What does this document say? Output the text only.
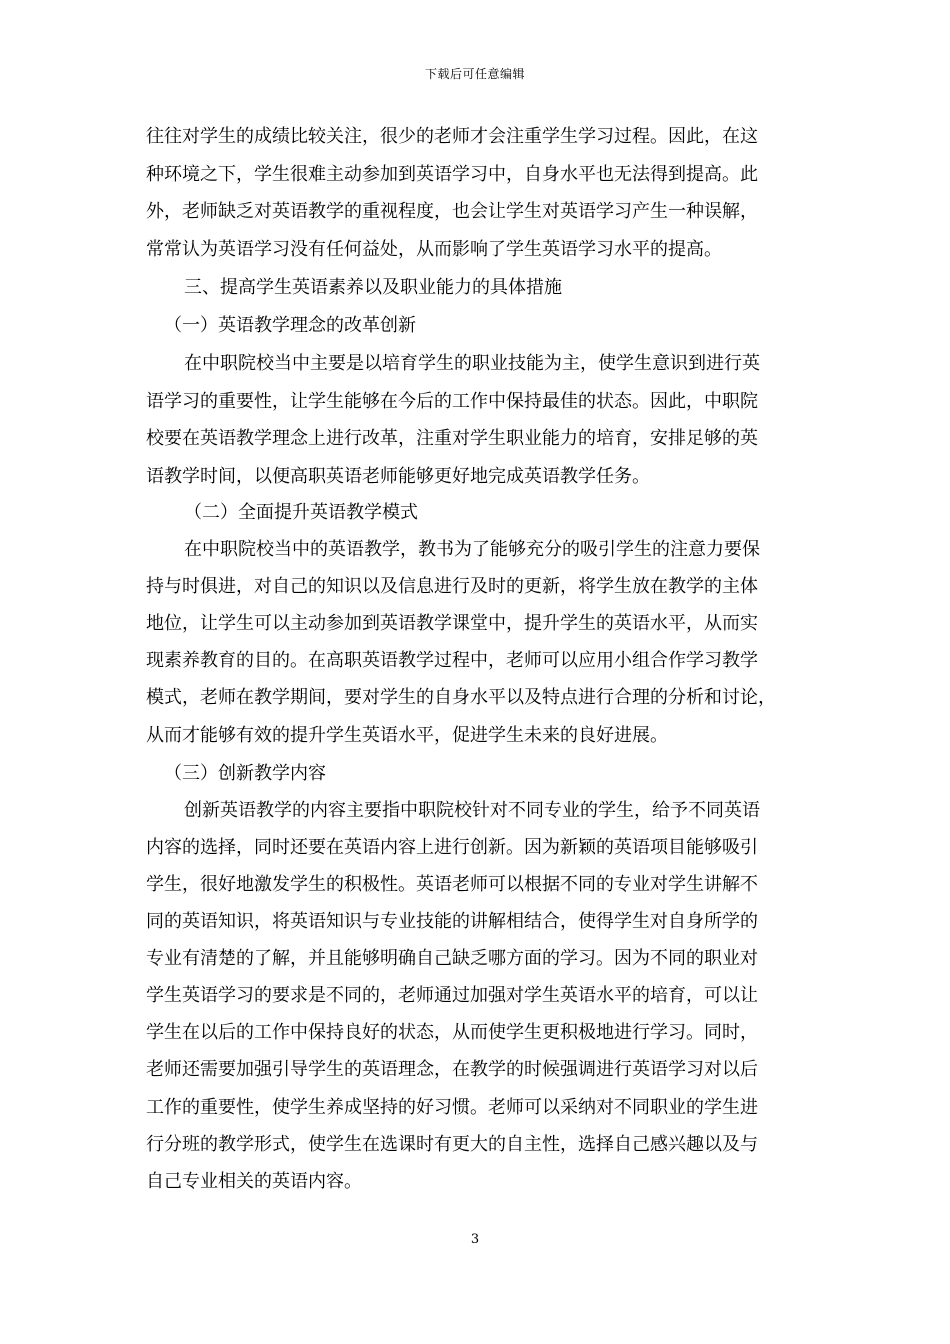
下载后可任意编辑
往往对学生的成绩比较关注，很少的老师才会注重学生学习过程。因此，在这
种环境之下，学生很难主动参加到英语学习中，自身水平也无法得到提高。此
外，老师缺乏对英语教学的重视程度，也会让学生对英语学习产生一种误解，
常常认为英语学习没有任何益处，从而影响了学生英语学习水平的提高。
三、提高学生英语素养以及职业能力的具体措施
（一）英语教学理念的改革创新
在中职院校当中主要是以培育学生的职业技能为主，使学生意识到进行英
语学习的重要性，让学生能够在今后的工作中保持最佳的状态。因此，中职院
校要在英语教学理念上进行改革，注重对学生职业能力的培育，安排足够的英
语教学时间，以便高职英语老师能够更好地完成英语教学任务。
（二）全面提升英语教学模式
在中职院校当中的英语教学，教书为了能够充分的吸引学生的注意力要保
持与时俱进，对自己的知识以及信息进行及时的更新，将学生放在教学的主体
地位，让学生可以主动参加到英语教学课堂中，提升学生的英语水平，从而实
现素养教育的目的。在高职英语教学过程中，老师可以应用小组合作学习教学
模式，老师在教学期间，要对学生的自身水平以及特点进行合理的分析和讨论，
从而才能够有效的提升学生英语水平，促进学生未来的良好进展。
（三）创新教学内容
创新英语教学的内容主要指中职院校针对不同专业的学生，给予不同英语
内容的选择，同时还要在英语内容上进行创新。因为新颖的英语项目能够吸引
学生，很好地激发学生的积极性。英语老师可以根据不同的专业对学生讲解不
同的英语知识，将英语知识与专业技能的讲解相结合，使得学生对自身所学的
专业有清楚的了解，并且能够明确自己缺乏哪方面的学习。因为不同的职业对
学生英语学习的要求是不同的，老师通过加强对学生英语水平的培育，可以让
学生在以后的工作中保持良好的状态，从而使学生更积极地进行学习。同时，
老师还需要加强引导学生的英语理念，在教学的时候强调进行英语学习对以后
工作的重要性，使学生养成坚持的好习惯。老师可以采纳对不同职业的学生进
行分班的教学形式，使学生在选课时有更大的自主性，选择自己感兴趣以及与
自己专业相关的英语内容。
3
